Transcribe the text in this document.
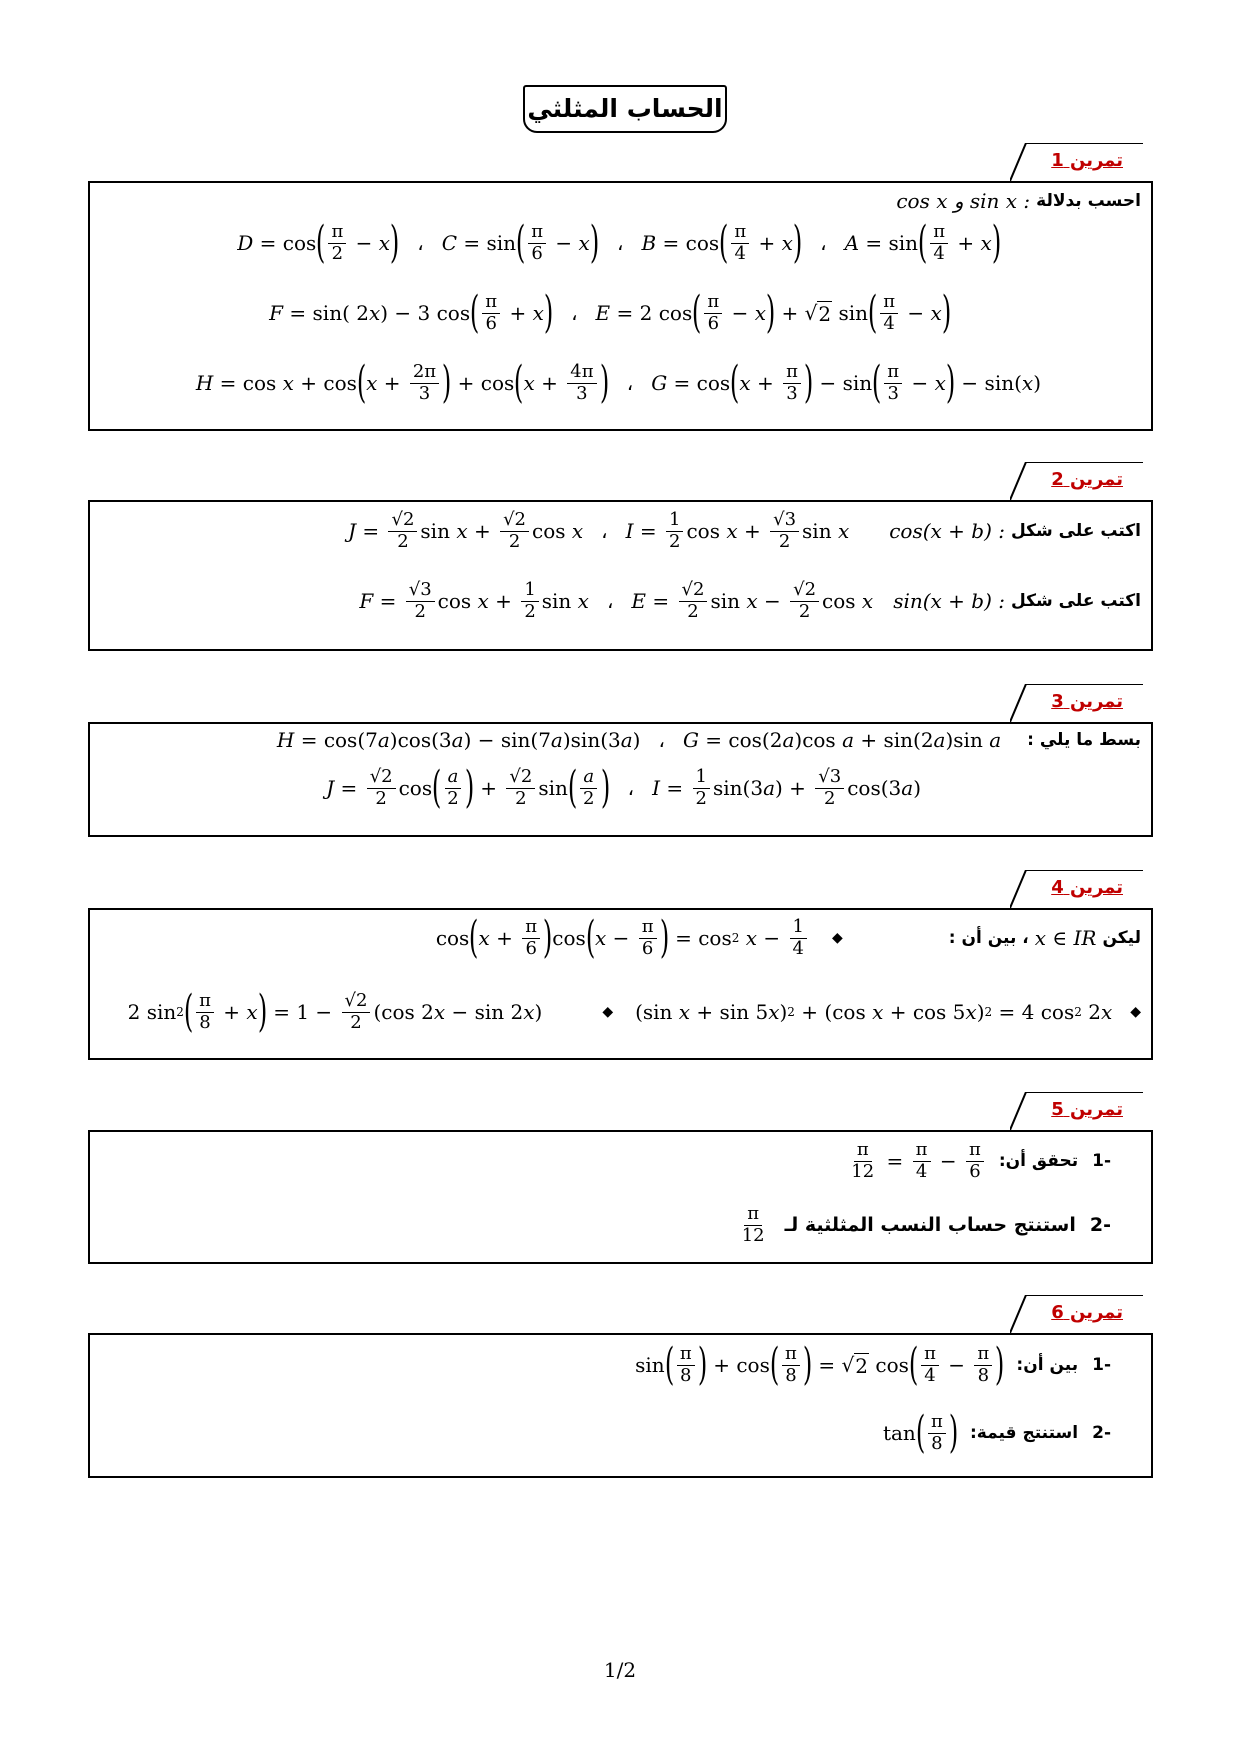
الحساب المثلثي
تمرين 1
احسب بدلالة
cos x و sin x :
A = sin ( $\frac{\pi}{4} + x$ )
،
B = cos ( $\frac{\pi}{4} + x$ )
،
C = sin ( $\frac{\pi}{6} - x$ )
،
D = cos ( $\frac{\pi}{2} - x$ )
E = 2 cos ( $\frac{\pi}{6} - x$ ) + √ 2 sin ( $\frac{\pi}{4} - x$ )
،
F = sin( 2 x ) − 3 cos ( $\frac{\pi}{6} + x$ )
G = cos ( $x + \frac{\pi}{3}$ ) − sin ( $\frac{\pi}{3} - x$ ) − sin( x )
،
H = cos x + cos ( $x + \frac{2\pi}{3}$ ) + cos ( $x + \frac{4\pi}{3}$ )
تمرين 2
اكتب على شكل
cos(x + b) :
$I = \frac{1}{2}$ $\cos x + \frac{√3}{2}$ sin x
،
$J = \frac{√2}{2}$ $\sin x + \frac{√2}{2}$ cos x
اكتب على شكل
sin(x + b) :
$E = \frac{√2}{2}$ $\sin x - \frac{√2}{2}$ cos x
،
$F = \frac{√3}{2}$ $\cos x + \frac{1}{2}$ sin x
تمرين 3
بسط ما يلي :
G = cos(2 a )cos a + sin(2 a )sin a
،
H = cos(7 a )cos(3 a ) − sin(7 a )sin(3 a )
$I = \frac{1}{2} \sin(3$ a ) + $\frac{√3}{2} \cos(3$ a )
،
$J = \frac{√2}{2}$ cos ( $\frac{a}{2}$ ) + $\frac{√2}{2}$ sin ( $\frac{a}{2}$ )
تمرين 4
ليكن
x ∈ IR
، بين أن :
◆
cos ( $x + \frac{\pi}{6}$ ) cos ( $x - \frac{\pi}{6}$ ) = cos 2
$x - \frac{1}{4}$
◆
(sin x + sin 5 x ) 2 + (cos x + cos 5 x ) 2 = 4 cos 2 2 x
◆
2 sin 2 ( $\frac{\pi}{8} + x$ ) = $1 - \frac{√2}{2} (\cos$ 2 x − sin 2 x )
تمرين 5
-1
تحقق أن:
$\frac{\pi}{12} = \frac{\pi}{4} - \frac{\pi}{6}$
-2
استنتج حساب النسب المثلثية لـ
$\frac{\pi}{12}$
تمرين 6
-1
بين أن:
sin ( $\frac{\pi}{8}$ ) + cos ( $\frac{\pi}{8}$ ) = √ 2 cos ( $\frac{\pi}{4} - \frac{\pi}{8}$ )
-2
استنتج قيمة:
tan ( $\frac{\pi}{8}$ )
1/2
